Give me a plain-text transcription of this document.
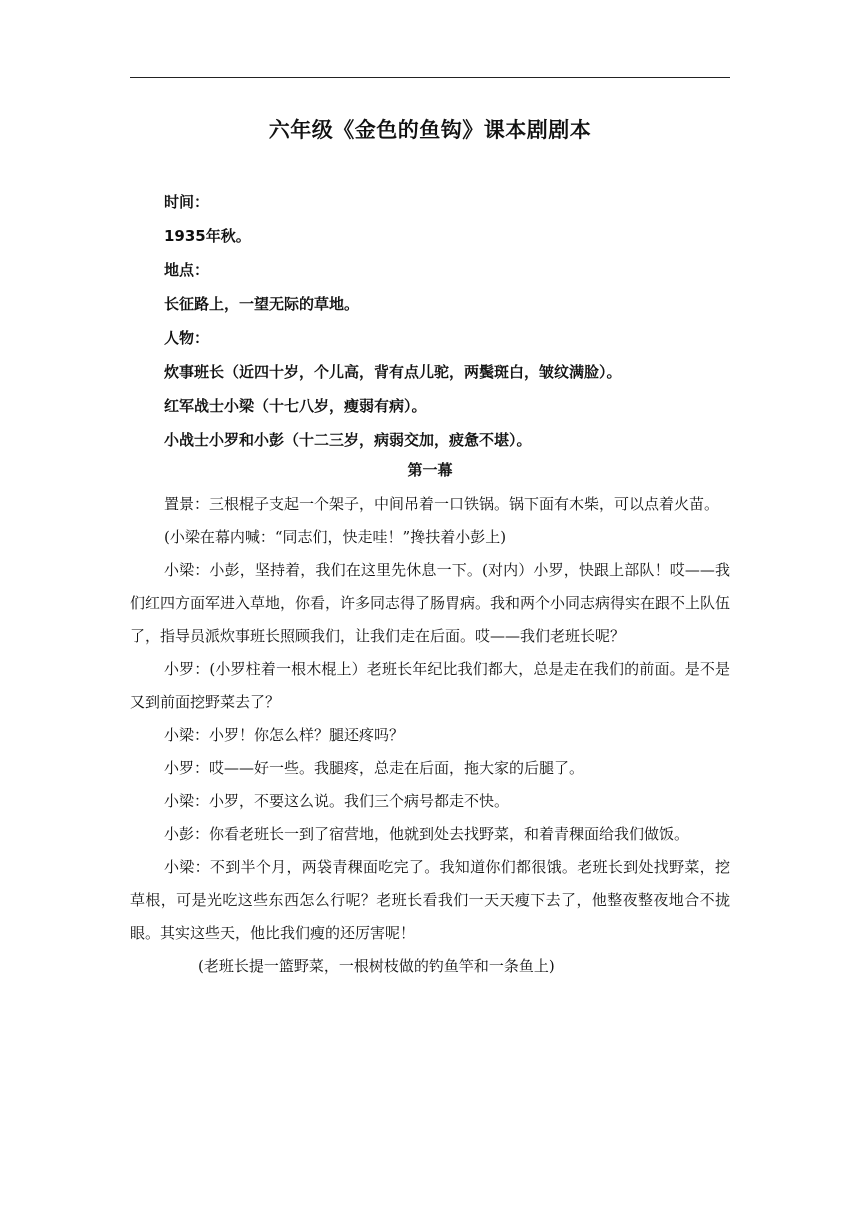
六年级《金色的鱼钩》课本剧剧本

时间：

1935年秋。

地点：

长征路上，一望无际的草地。

人物：

炊事班长（近四十岁，个儿高，背有点儿驼，两鬓斑白，皱纹满脸）。

红军战士小梁（十七八岁，瘦弱有病）。

小战士小罗和小彭（十二三岁，病弱交加，疲惫不堪）。

第一幕

置景：三根棍子支起一个架子，中间吊着一口铁锅。锅下面有木柴，可以点着火苗。

(小梁在幕内喊：“同志们，快走哇！”搀扶着小彭上)

小梁：小彭，坚持着，我们在这里先休息一下。(对内）小罗，快跟上部队！哎——我们红四方面军进入草地，你看，许多同志得了肠胃病。我和两个小同志病得实在跟不上队伍了，指导员派炊事班长照顾我们，让我们走在后面。哎——我们老班长呢？

小罗：(小罗柱着一根木棍上）老班长年纪比我们都大，总是走在我们的前面。是不是又到前面挖野菜去了？

小梁：小罗！你怎么样？腿还疼吗？

小罗：哎——好一些。我腿疼，总走在后面，拖大家的后腿了。

小梁：小罗，不要这么说。我们三个病号都走不快。

小彭：你看老班长一到了宿营地，他就到处去找野菜，和着青稞面给我们做饭。

小梁：不到半个月，两袋青稞面吃完了。我知道你们都很饿。老班长到处找野菜，挖草根，可是光吃这些东西怎么行呢？老班长看我们一天天瘦下去了，他整夜整夜地合不拢眼。其实这些天，他比我们瘦的还厉害呢！

(老班长提一篮野菜，一根树枝做的钓鱼竿和一条鱼上)
